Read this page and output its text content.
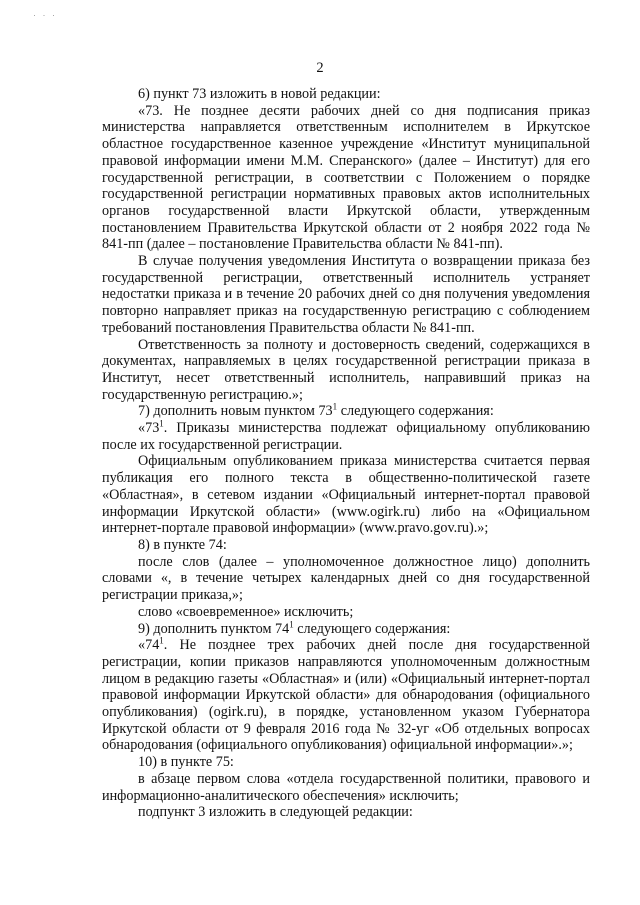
· · ·
2

6) пункт 73 изложить в новой редакции:

«73. Не позднее десяти рабочих дней со дня подписания приказ министерства направляется ответственным исполнителем в Иркутское областное государственное казенное учреждение «Институт муниципальной правовой информации имени М.М. Сперанского» (далее – Институт) для его государственной регистрации, в соответствии с Положением о порядке государственной регистрации нормативных правовых актов исполнительных органов государственной власти Иркутской области, утвержденным постановлением Правительства Иркутской области от 2 ноября 2022 года № 841-пп (далее – постановление Правительства области № 841-пп).

В случае получения уведомления Института о возвращении приказа без государственной регистрации, ответственный исполнитель устраняет недостатки приказа и в течение 20 рабочих дней со дня получения уведомления повторно направляет приказ на государственную регистрацию с соблюдением требований постановления Правительства области № 841-пп.

Ответственность за полноту и достоверность сведений, содержащихся в документах, направляемых в целях государственной регистрации приказа в Институт, несет ответственный исполнитель, направивший приказ на государственную регистрацию.»;

7) дополнить новым пунктом $73^1$ следующего содержания:

«$73^1$. Приказы министерства подлежат официальному опубликованию после их государственной регистрации.

Официальным опубликованием приказа министерства считается первая публикация его полного текста в общественно-политической газете «Областная», в сетевом издании «Официальный интернет-портал правовой информации Иркутской области» (www.ogirk.ru) либо на «Официальном интернет-портале правовой информации» (www.pravo.gov.ru).»;

8) в пункте 74:

после слов (далее – уполномоченное должностное лицо) дополнить словами «, в течение четырех календарных дней со дня государственной регистрации приказа,»;

слово «своевременное» исключить;

9) дополнить пунктом $74^1$ следующего содержания:

«$74^1$. Не позднее трех рабочих дней после дня государственной регистрации, копии приказов направляются уполномоченным должностным лицом в редакцию газеты «Областная» и (или) «Официальный интернет-портал правовой информации Иркутской области» для обнародования (официального опубликования) (ogirk.ru), в порядке, установленном указом Губернатора Иркутской области от 9 февраля 2016 года № 32-уг «Об отдельных вопросах обнародования (официального опубликования) официальной информации».»;

10) в пункте 75:

в абзаце первом слова «отдела государственной политики, правового и информационно-аналитического обеспечения» исключить;

подпункт 3 изложить в следующей редакции:
